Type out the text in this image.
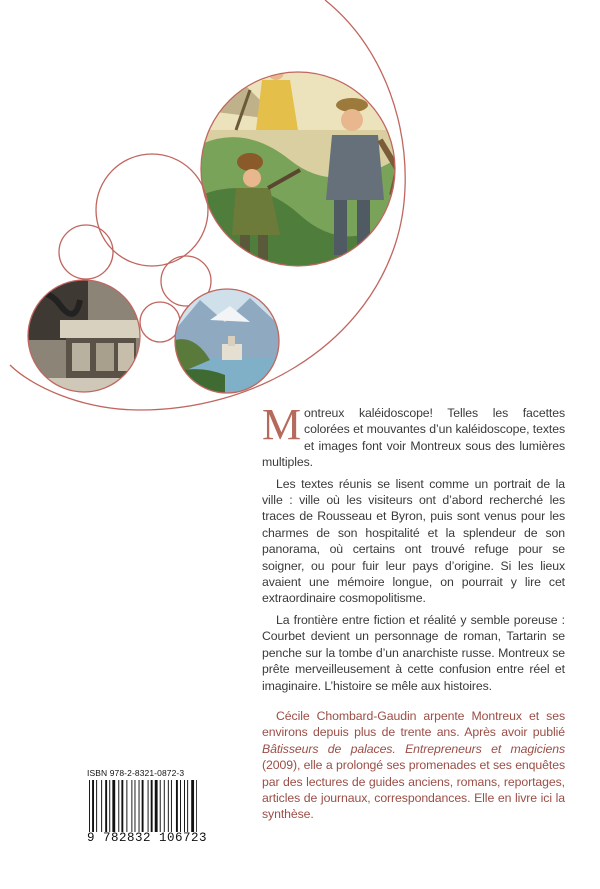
Montreux kaléidoscope! Telles les facettes colorées et mouvantes d’un kaléidoscope, textes et images font voir Montreux sous des lumières multiples.

Les textes réunis se lisent comme un portrait de la ville : ville où les visiteurs ont d’abord recherché les traces de Rousseau et Byron, puis sont venus pour les charmes de son hospitalité et la splendeur de son panorama, où certains ont trouvé refuge pour se soigner, ou pour fuir leur pays d’origine. Si les lieux avaient une mémoire longue, on pourrait y lire cet extraordinaire cosmopolitisme.

La frontière entre fiction et réalité y semble poreuse : Courbet devient un personnage de roman, Tartarin se penche sur la tombe d’un anarchiste russe. Montreux se prête merveilleusement à cette confusion entre réel et imaginaire. L’histoire se mêle aux histoires.

Cécile Chombard-Gaudin arpente Montreux et ses environs depuis plus de trente ans. Après avoir publié Bâtisseurs de palaces. Entrepreneurs et magiciens (2009), elle a prolongé ses promenades et ses enquêtes par des lectures de guides anciens, romans, reportages, articles de journaux, correspondances. Elle en livre ici la synthèse.

ISBN 978-2-8321-0872-3
9 782832 106723
